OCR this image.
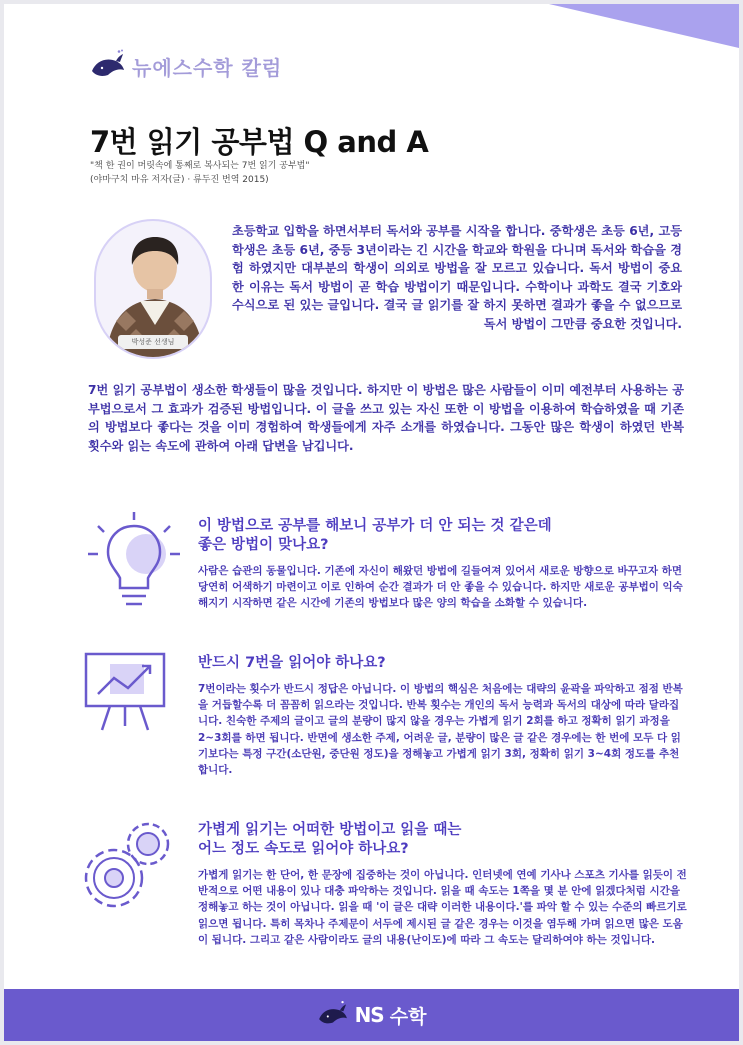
뉴에스수학 칼럼
7번 읽기 공부법 Q and A
"책 한 권이 머릿속에 통째로 복사되는 7번 읽기 공부법"
(야마구치 마유 저자(글) · 류두진 번역 2015)
박성준 선생님

초등학교 입학을 하면서부터 독서와 공부를 시작을 합니다. 중학생은 초등 6년, 고등학생은 초등 6년, 중등 3년이라는 긴 시간을 학교와 학원을 다니며 독서와 학습을 경험 하였지만 대부분의 학생이 의외로 방법을 잘 모르고 있습니다. 독서 방법이 중요한 이유는 독서 방법이 곧 학습 방법이기 때문입니다. 수학이나 과학도 결국 기호와 수식으로 된 있는 글입니다. 결국 글 읽기를 잘 하지 못하면 결과가 좋을 수 없으므로 독서 방법이 그만큼 중요한 것입니다.

7번 읽기 공부법이 생소한 학생들이 많을 것입니다. 하지만 이 방법은 많은 사람들이 이미 예전부터 사용하는 공부법으로서 그 효과가 검증된 방법입니다. 이 글을 쓰고 있는 자신 또한 이 방법을 이용하여 학습하였을 때 기존의 방법보다 좋다는 것을 이미 경험하여 학생들에게 자주 소개를 하였습니다. 그동안 많은 학생이 하였던 반복 횟수와 읽는 속도에 관하여 아래 답변을 남깁니다.

이 방법으로 공부를 해보니 공부가 더 안 되는 것 같은데
좋은 방법이 맞나요?

사람은 습관의 동물입니다. 기존에 자신이 해왔던 방법에 길들여져 있어서 새로운 방향으로 바꾸고자 하면 당연히 어색하기 마련이고 이로 인하여 순간 결과가 더 안 좋을 수 있습니다. 하지만 새로운 공부법이 익숙해지기 시작하면 같은 시간에 기존의 방법보다 많은 양의 학습을 소화할 수 있습니다.

반드시 7번을 읽어야 하나요?

7번이라는 횟수가 반드시 정답은 아닙니다. 이 방법의 핵심은 처음에는 대략의 윤곽을 파악하고 점점 반복을 거듭할수록 더 꼼꼼히 읽으라는 것입니다. 반복 횟수는 개인의 독서 능력과 독서의 대상에 따라 달라집니다. 친숙한 주제의 글이고 글의 분량이 많지 않을 경우는 가볍게 읽기 2회를 하고 정확히 읽기 과정을 2~3회를 하면 됩니다. 반면에 생소한 주제, 어려운 글, 분량이 많은 글 같은 경우에는 한 번에 모두 다 읽기보다는 특정 구간(소단원, 중단원 정도)을 정해놓고 가볍게 읽기 3회, 정확히 읽기 3~4회 정도를 추천합니다.

가볍게 읽기는 어떠한 방법이고 읽을 때는
어느 정도 속도로 읽어야 하나요?

가볍게 읽기는 한 단어, 한 문장에 집중하는 것이 아닙니다. 인터넷에 연예 기사나 스포츠 기사를 읽듯이 전반적으로 어떤 내용이 있나 대충 파악하는 것입니다. 읽을 때 속도는 1쪽을 몇 분 안에 읽겠다처럼 시간을 정해놓고 하는 것이 아닙니다. 읽을 때 '이 글은 대략 이러한 내용이다.'를 파악 할 수 있는 수준의 빠르기로 읽으면 됩니다. 특히 목차나 주제문이 서두에 제시된 글 같은 경우는 이것을 염두해 가며 읽으면 많은 도움이 됩니다. 그리고 같은 사람이라도 글의 내용(난이도)에 따라 그 속도는 달리하여야 하는 것입니다.

NS 수학
